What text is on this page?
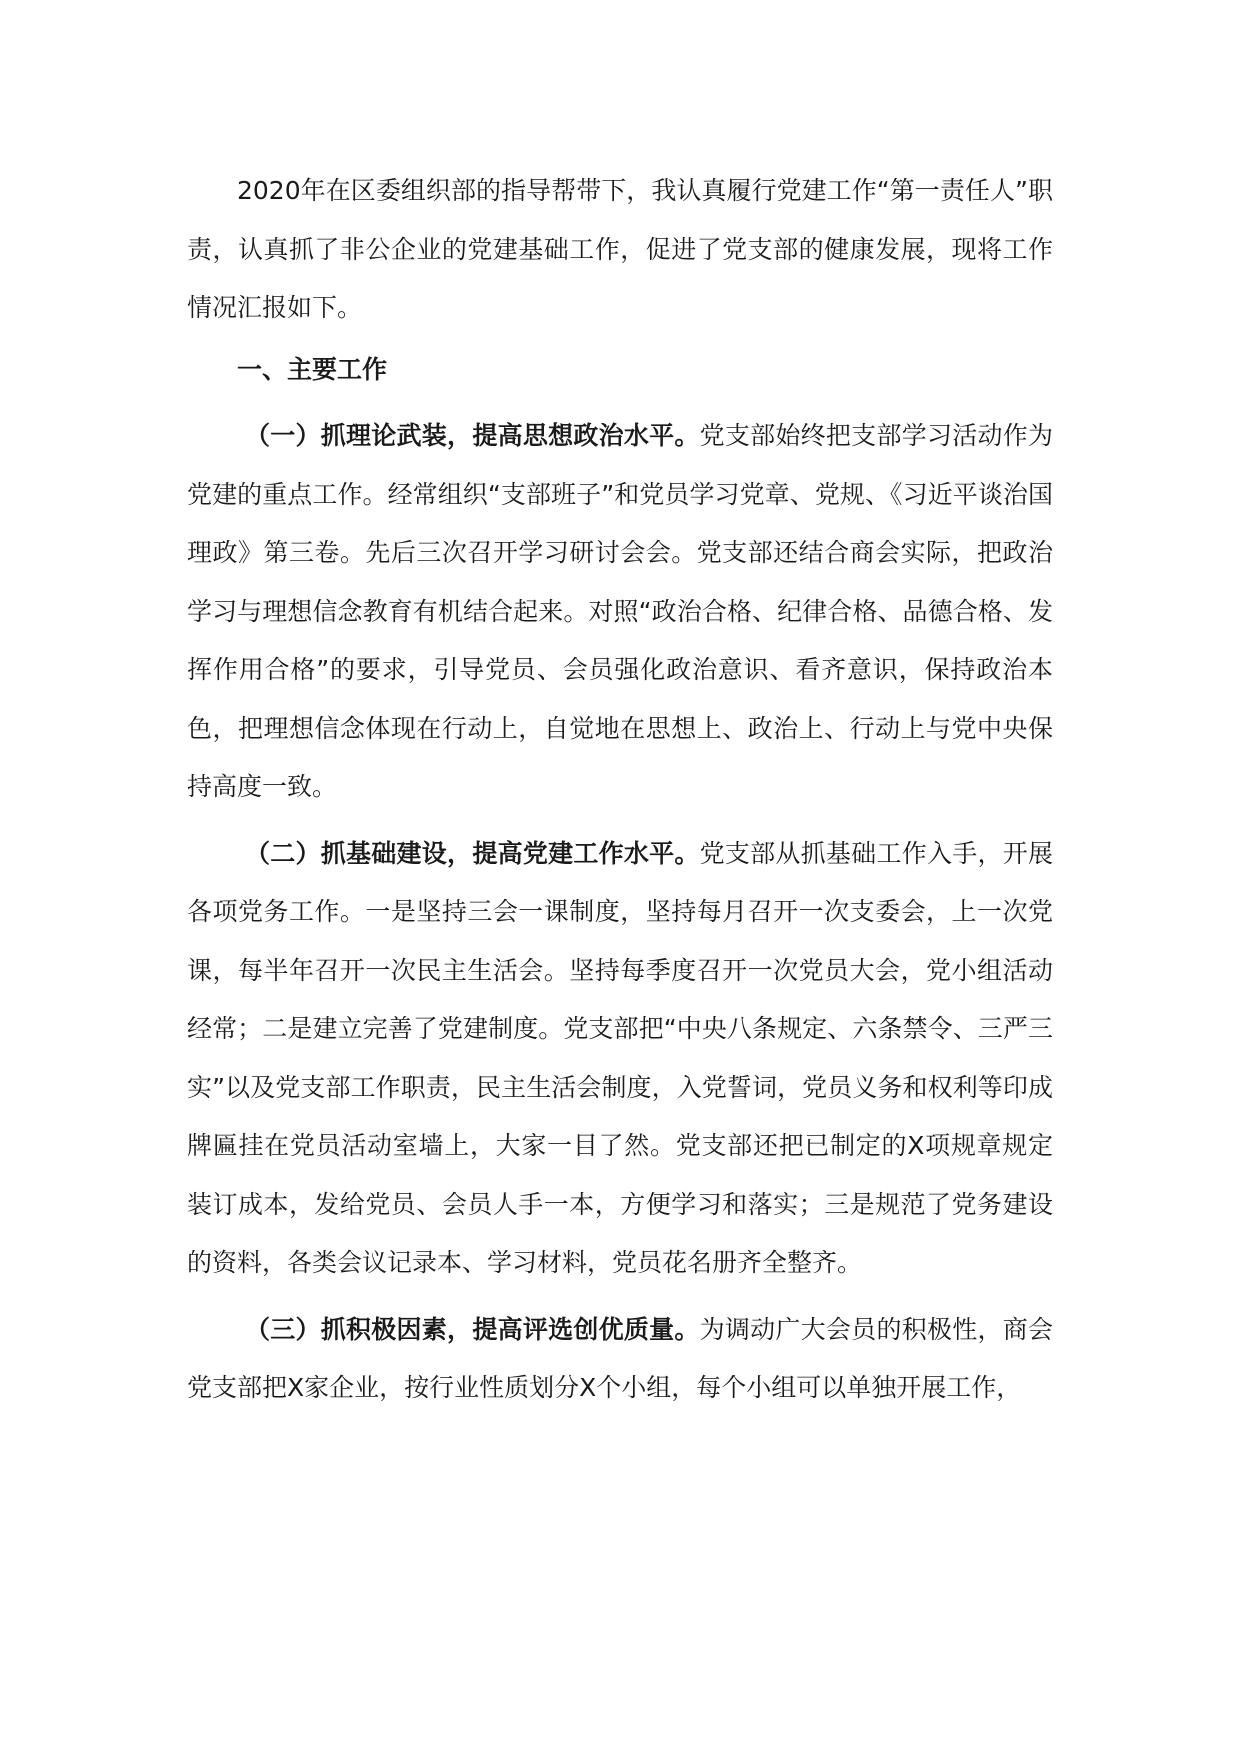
2020年在区委组织部的指导帮带下，我认真履行党建工作“第一责任人”职责，认真抓了非公企业的党建基础工作，促进了党支部的健康发展，现将工作情况汇报如下。

一、主要工作

（一）抓理论武装，提高思想政治水平。党支部始终把支部学习活动作为党建的重点工作。经常组织“支部班子”和党员学习党章、党规、《习近平谈治国理政》第三卷。先后三次召开学习研讨会会。党支部还结合商会实际，把政治学习与理想信念教育有机结合起来。对照“政治合格、纪律合格、品德合格、发挥作用合格”的要求，引导党员、会员强化政治意识、看齐意识，保持政治本色，把理想信念体现在行动上，自觉地在思想上、政治上、行动上与党中央保持高度一致。

（二）抓基础建设，提高党建工作水平。党支部从抓基础工作入手，开展各项党务工作。一是坚持三会一课制度，坚持每月召开一次支委会，上一次党课，每半年召开一次民主生活会。坚持每季度召开一次党员大会，党小组活动经常；二是建立完善了党建制度。党支部把“中央八条规定、六条禁令、三严三实”以及党支部工作职责，民主生活会制度，入党誓词，党员义务和权利等印成牌匾挂在党员活动室墙上，大家一目了然。党支部还把已制定的X项规章规定装订成本，发给党员、会员人手一本，方便学习和落实；三是规范了党务建设的资料，各类会议记录本、学习材料，党员花名册齐全整齐。

（三）抓积极因素，提高评选创优质量。为调动广大会员的积极性，商会党支部把X家企业，按行业性质划分X个小组，每个小组可以单独开展工作，
